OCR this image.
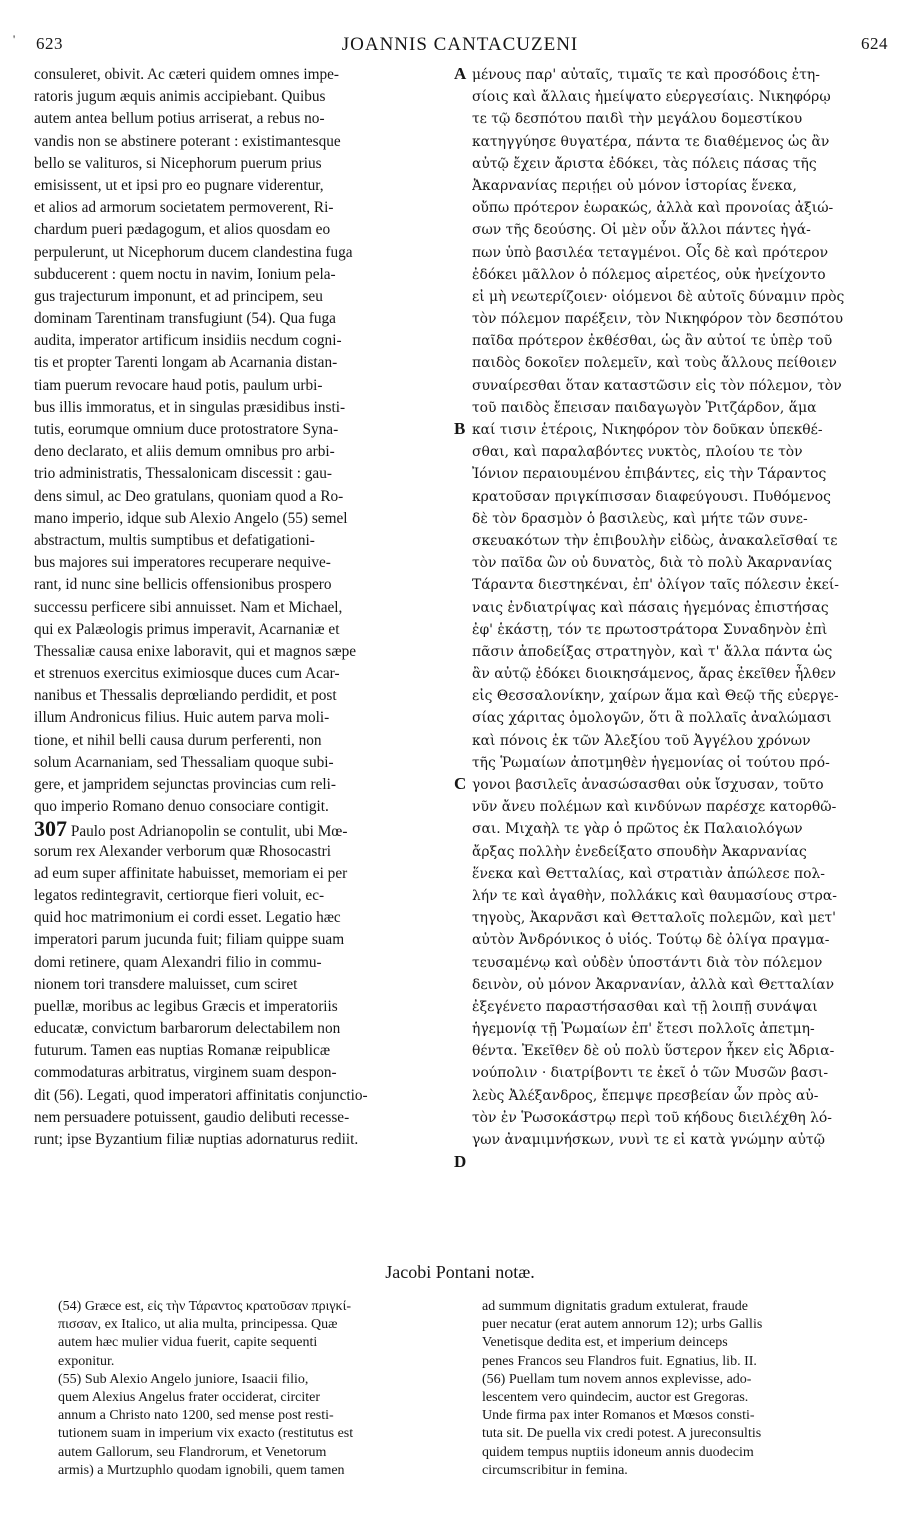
' 623	JOANNIS CANTACUZENI	624
consuleret, obivit. Ac cæteri quidem omnes impe-
ratoris jugum æquis animis accipiebant. Quibus
autem antea bellum potius arriserat, a rebus no-
vandis non se abstinere poterant : existimantesque
bello se valituros, si Nicephorum puerum prius
emisissent, ut et ipsi pro eo pugnare viderentur,
et alios ad armorum societatem permoverent, Ri-
chardum pueri pædagogum, et alios quosdam eo
perpulerunt, ut Nicephorum ducem clandestina fuga
subducerent : quem noctu in navim, Ionium pela-
gus trajecturum imponunt, et ad principem, seu
dominam Tarentinam transfugiunt (54). Qua fuga
audita, imperator artificum insidiis necdum cogni-
tis et propter Tarenti longam ab Acarnania distan-
tiam puerum revocare haud potis, paulum urbi-
bus illis immoratus, et in singulas præsidibus insti-
tutis, eorumque omnium duce protostratore Syna-
deno declarato, et aliis demum omnibus pro arbi-
trio administratis, Thessalonicam discessit : gau-
dens simul, ac Deo gratulans, quoniam quod a Ro-
mano imperio, idque sub Alexio Angelo (55) semel
abstractum, multis sumptibus et defatigationi-
bus majores sui imperatores recuperare nequive-
rant, id nunc sine bellicis offensionibus prospero
successu perficere sibi annuisset. Nam et Michael,
qui ex Palæologis primus imperavit, Acarnaniæ et
Thessaliæ causa enixe laboravit, qui et magnos sæpe
et strenuos exercitus eximiosque duces cum Acar-
nanibus et Thessalis deprœliando perdidit, et post
illum Andronicus filius. Huic autem parva moli-
tione, et nihil belli causa durum perferenti, non
solum Acarnaniam, sed Thessaliam quoque subi-
gere, et jampridem sejunctas provincias cum reli-
quo imperio Romano denuo consociare contigit.
307 Paulo post Adrianopolin se contulit, ubi Mœ-
sorum rex Alexander verborum quæ Rhosocastri
ad eum super affinitate habuisset, memoriam ei per
legatos redintegravit, certiorque fieri voluit, ec-
quid hoc matrimonium ei cordi esset. Legatio hæc
imperatori parum jucunda fuit; filiam quippe suam
domi retinere, quam Alexandri filio in commu-
nionem tori transdere maluisset, cum sciret
puellæ, moribus ac legibus Græcis et imperatoriis
educatæ, convictum barbarorum delectabilem non
futurum. Tamen eas nuptias Romanæ reipublicæ
commodaturas arbitratus, virginem suam despon-
dit (56). Legati, quod imperatori affinitatis conjunctio-
nem persuadere potuissent, gaudio delibuti recesse-
runt; ipse Byzantium filiæ nuptias adornaturus rediit.
μένους παρ' αὐταῖς, τιμαῖς τε καὶ προσόδοις ἐτη-
σίοις καὶ ἄλλαις ἠμείψατο εὐεργεσίαις. Νικηφόρῳ
τε τῷ δεσπότου παιδὶ τὴν μεγάλου δομεστίκου
κατηγγύησε θυγατέρα, πάντα τε διαθέμενος ὡς ἂν
αὐτῷ ἔχειν ἄριστα ἐδόκει, τὰς πόλεις πάσας τῆς
Ἀκαρνανίας περιῄει οὐ μόνον ἱστορίας ἕνεκα,
οὔπω πρότερον ἑωρακώς, ἀλλὰ καὶ προνοίας ἀξιώ-
σων τῆς δεούσης. Οἱ μὲν οὖν ἄλλοι πάντες ἠγά-
πων ὑπὸ βασιλέα τεταγμένοι. Οἷς δὲ καὶ πρότερον
ἐδόκει μᾶλλον ὁ πόλεμος αἱρετέος, οὐκ ἠνείχοντο
εἰ μὴ νεωτερίζοιεν· οἰόμενοι δὲ αὐτοῖς δύναμιν πρὸς
τὸν πόλεμον παρέξειν, τὸν Νικηφόρον τὸν δεσπότου
παῖδα πρότερον ἐκθέσθαι, ὡς ἂν αὐτοί τε ὑπὲρ τοῦ
παιδὸς δοκοῖεν πολεμεῖν, καὶ τοὺς ἄλλους πείθοιεν
συναίρεσθαι ὅταν καταστῶσιν εἰς τὸν πόλεμον, τὸν
τοῦ παιδὸς ἔπεισαν παιδαγωγὸν Ῥιτζάρδον, ἅμα
καί τισιν ἑτέροις, Νικηφόρον τὸν δοῦκαν ὑπεκθέ-
σθαι, καὶ παραλαβόντες νυκτὸς, πλοίου τε τὸν
Ἰόνιον περαιουμένου ἐπιβάντες, εἰς τὴν Τάραντος
κρατοῦσαν πριγκίπισσαν διαφεύγουσι. Πυθόμενος
δὲ τὸν δρασμὸν ὁ βασιλεὺς, καὶ μήτε τῶν συνε-
σκευακότων τὴν ἐπιβουλὴν εἰδὼς, ἀνακαλεῖσθαί τε
τὸν παῖδα ὢν οὐ δυνατὸς, διὰ τὸ πολὺ Ἀκαρνανίας
Τάραντα διεστηκέναι, ἐπ' ὀλίγον ταῖς πόλεσιν ἐκεί-
ναις ἐνδιατρίψας καὶ πάσαις ἡγεμόνας ἐπιστήσας
ἐφ' ἑκάστῃ, τόν τε πρωτοστράτορα Συναδηνὸν ἐπὶ
πᾶσιν ἀποδείξας στρατηγὸν, καὶ τ' ἄλλα πάντα ὡς
ἂν αὐτῷ ἐδόκει διοικησάμενος, ἄρας ἐκεῖθεν ἦλθεν
εἰς Θεσσαλονίκην, χαίρων ἅμα καὶ Θεῷ τῆς εὐεργε-
σίας χάριτας ὁμολογῶν, ὅτι ἃ πολλαῖς ἀναλώμασι
καὶ πόνοις ἐκ τῶν Ἀλεξίου τοῦ Ἀγγέλου χρόνων
τῆς Ῥωμαίων ἀποτμηθὲν ἡγεμονίας οἱ τούτου πρό-
γονοι βασιλεῖς ἀνασώσασθαι οὐκ ἴσχυσαν, τοῦτο
νῦν ἄνευ πολέμων καὶ κινδύνων παρέσχε κατορθῶ-
σαι. Μιχαὴλ τε γὰρ ὁ πρῶτος ἐκ Παλαιολόγων
ἄρξας πολλὴν ἐνεδείξατο σπουδὴν Ἀκαρνανίας
ἕνεκα καὶ Θετταλίας, καὶ στρατιὰν ἀπώλεσε πολ-
λήν τε καὶ ἀγαθὴν, πολλάκις καὶ θαυμασίους στρα-
τηγοὺς, Ἀκαρνᾶσι καὶ Θετταλοῖς πολεμῶν, καὶ μετ'
αὐτὸν Ἀνδρόνικος ὁ υἱός. Τούτῳ δὲ ὀλίγα πραγμα-
τευσαμένῳ καὶ οὐδὲν ὑποστάντι διὰ τὸν πόλεμον
δεινὸν, οὐ μόνον Ἀκαρνανίαν, ἀλλὰ καὶ Θετταλίαν
ἐξεγένετο παραστήσασθαι καὶ τῇ λοιπῇ συνάψαι
ἡγεμονίᾳ τῇ Ῥωμαίων ἐπ' ἔτεσι πολλοῖς ἀπετμη-
θέντα. Ἐκεῖθεν δὲ οὐ πολὺ ὕστερον ἧκεν εἰς Ἀδρια-
νούπολιν · διατρίβοντι τε ἐκεῖ ὁ τῶν Μυσῶν βασι-
λεὺς Ἀλέξανδρος, ἔπεμψε πρεσβείαν ὧν πρὸς αὐ-
τὸν ἐν Ῥωσοκάστρῳ περὶ τοῦ κήδους διειλέχθη λό-
γων ἀναμιμνήσκων, νυνὶ τε εἰ κατὰ γνώμην αὐτῷ
A
B
C
D
Jacobi Pontani notæ.
(54) Græce est, εἰς τὴν Τάραντος κρατοῦσαν πριγκί-
πισσαν, ex Italico, ut alia multa, principessa. Quæ
autem hæc mulier vidua fuerit, capite sequenti
exponitur.
(55) Sub Alexio Angelo juniore, Isaacii filio,
quem Alexius Angelus frater occiderat, circiter
annum a Christo nato 1200, sed mense post resti-
tutionem suam in imperium vix exacto (restitutus est
autem Gallorum, seu Flandrorum, et Venetorum
armis) a Murtzuphlo quodam ignobili, quem tamen
ad summum dignitatis gradum extulerat, fraude
puer necatur (erat autem annorum 12); urbs Gallis
Venetisque dedita est, et imperium deinceps
penes Francos seu Flandros fuit. Egnatius, lib. II.
(56) Puellam tum novem annos explevisse, ado-
lescentem vero quindecim, auctor est Gregoras.
Unde firma pax inter Romanos et Mœsos consti-
tuta sit. De puella vix credi potest. A jureconsultis
quidem tempus nuptiis idoneum annis duodecim
circumscribitur in femina.
